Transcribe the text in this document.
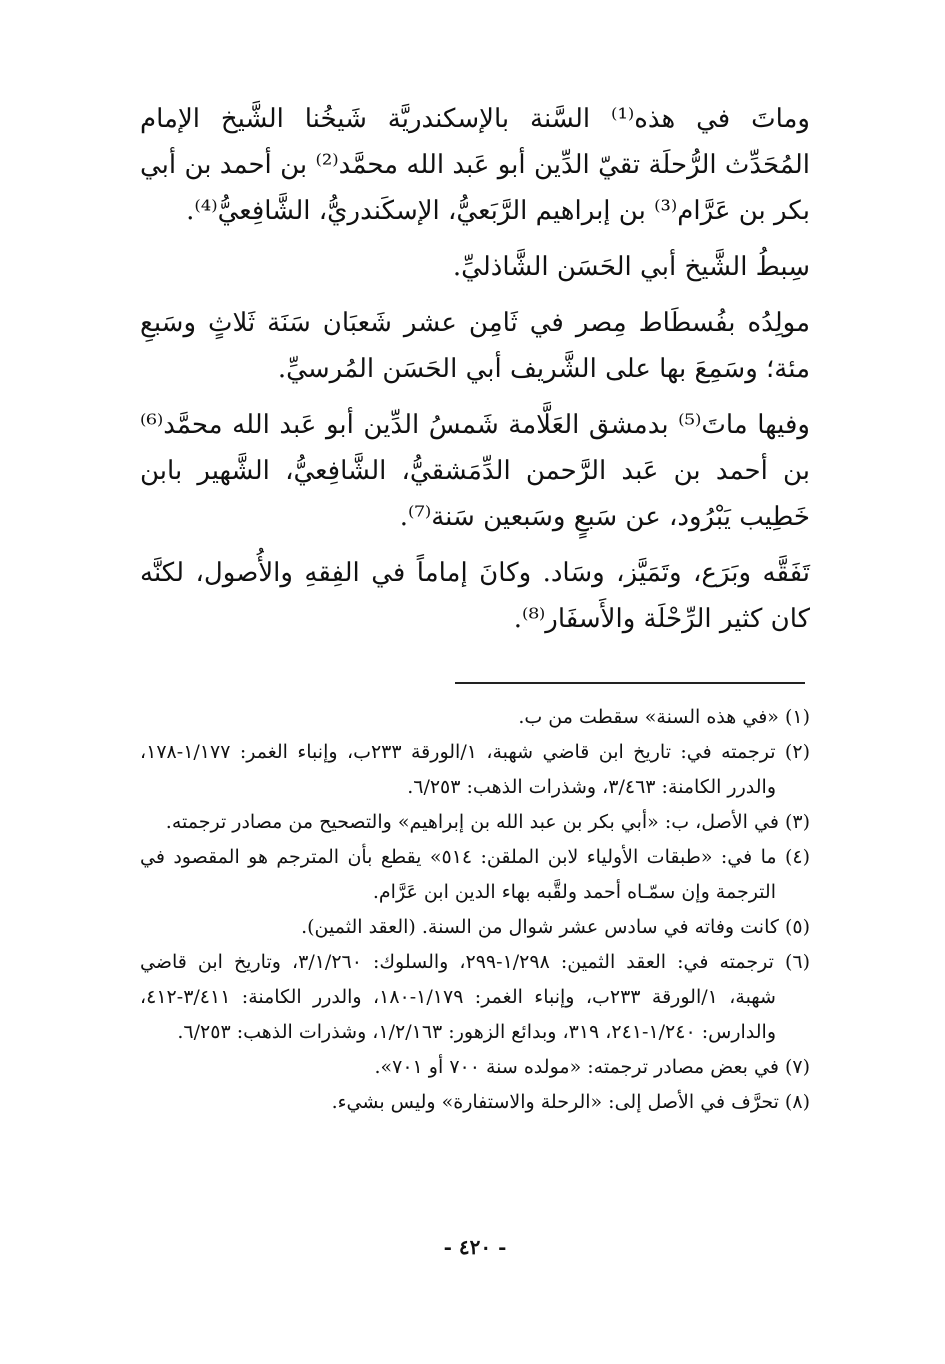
وماتَ في هذه⁽¹⁾ السَّنة بالإسكندريَّة شَيخُنا الشَّيخ الإمام المُحَدِّث الرُّحلَة تقيّ الدِّين أبو عَبد الله محمَّد⁽²⁾ بن أحمد بن أبي بكر بن عَرَّام⁽³⁾ بن إبراهيم الرَّبَعيُّ، الإسكَندريُّ، الشَّافِعيُّ⁽⁴⁾.

سِبطُ الشَّيخ أبي الحَسَن الشَّاذليِّ.

مولِدُه بفُسطَاط مِصر في ثَامِن عشر شَعبَان سَنَة ثَلاثٍ وسَبعِ مئة؛ وسَمِعَ بها على الشَّريف أبي الحَسَن المُرسيِّ.

وفيها ماتَ⁽⁵⁾ بدمشق العَلَّامة شَمسُ الدِّين أبو عَبد الله محمَّد⁽⁶⁾ بن أحمد بن عَبد الرَّحمن الدِّمَشقيُّ، الشَّافِعيُّ، الشَّهير بابن خَطِيب يَبْرُود، عن سَبعٍ وسَبعين سَنة⁽⁷⁾.

تَفَقَّه وبَرَع، وتَمَيَّز، وسَاد. وكانَ إماماً في الفِقهِ والأُصول، لكنَّه كان كثير الرِّحْلَة والأَسفَار⁽⁸⁾.

(١) «في هذه السنة» سقطت من ب.

(٢) ترجمته في: تاريخ ابن قاضي شهبة، ١/الورقة ٢٣٣ب، وإنباء الغمر: ١/١٧٧-١٧٨، والدرر الكامنة: ٣/٤٦٣، وشذرات الذهب: ٦/٢٥٣.

(٣) في الأصل، ب: «أبي بكر بن عبد الله بن إبراهيم» والتصحيح من مصادر ترجمته.

(٤) ما في: «طبقات الأولياء لابن الملقن: ٥١٤» يقطع بأن المترجم هو المقصود في الترجمة وإن سمّـاه أحمد ولقَّبه بهاء الدين ابن عَرَّام.

(٥) كانت وفاته في سادس عشر شوال من السنة. (العقد الثمين).

(٦) ترجمته في: العقد الثمين: ١/٢٩٨-٢٩٩، والسلوك: ٣/١/٢٦٠، وتاريخ ابن قاضي شهبة، ١/الورقة ٢٣٣ب، وإنباء الغمر: ١/١٧٩-١٨٠، والدرر الكامنة: ٣/٤١١-٤١٢، والدارس: ١/٢٤٠-٢٤١، ٣١٩، وبدائع الزهور: ١/٢/١٦٣، وشذرات الذهب: ٦/٢٥٣.

(٧) في بعض مصادر ترجمته: «مولده سنة ٧٠٠ أو ٧٠١».

(٨) تحرَّف في الأصل إلى: «الرحلة والاستفارة» وليس بشيء.

- ٤٢٠ -
